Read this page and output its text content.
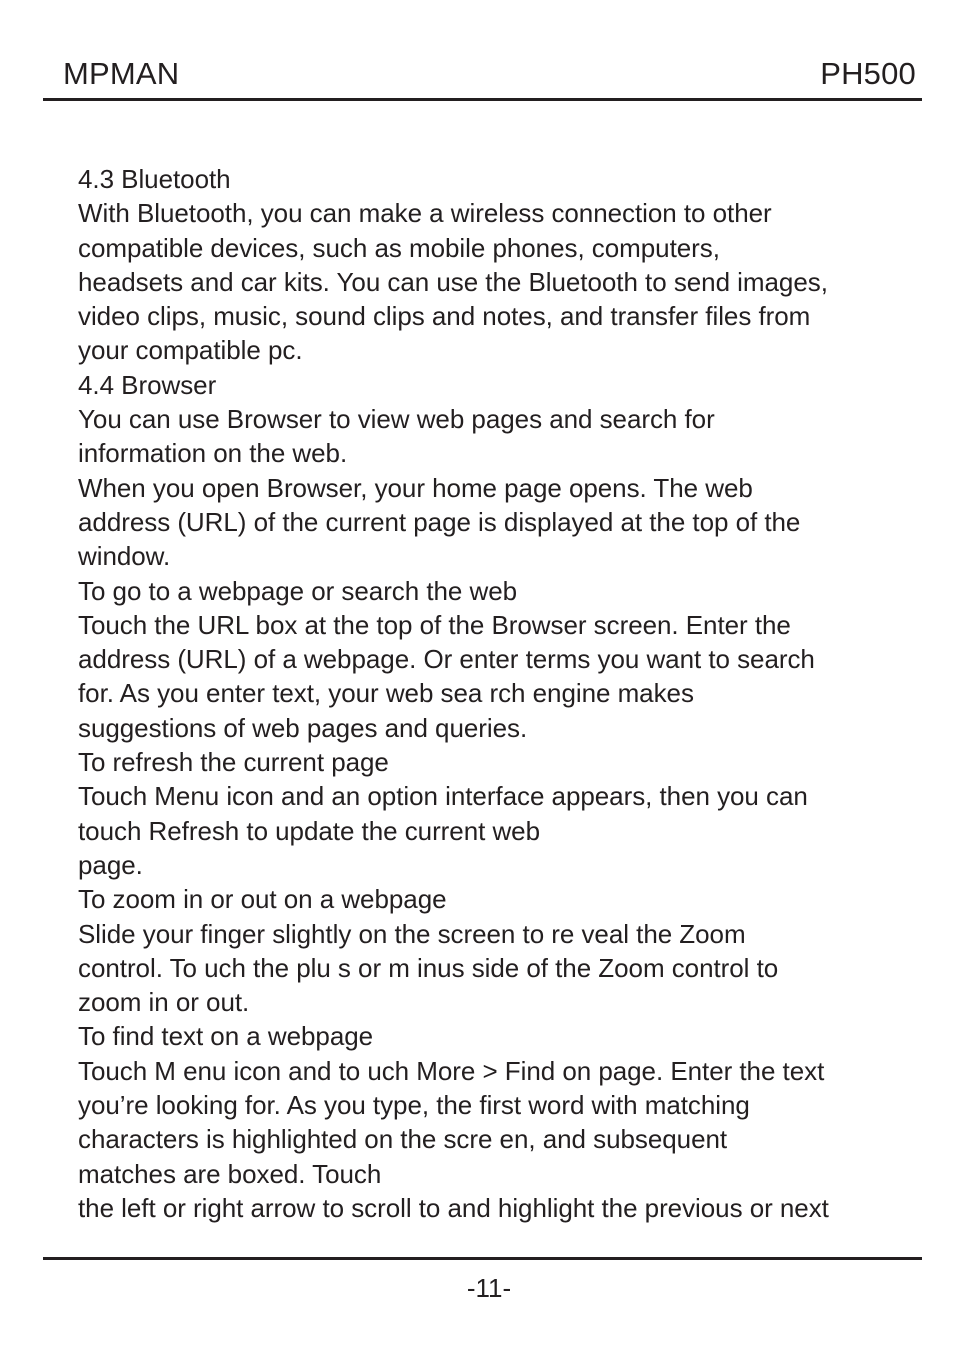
MPMAN	PH500
4.3 Bluetooth
With Bluetooth, you can make a wireless connection to other
compatible devices, such as mobile phones, computers,
headsets and car kits. You can use the Bluetooth to send images,
video clips, music, sound clips and notes, and transfer files from
your compatible pc.
4.4 Browser
You can use Browser to view web pages and search for
information on the web.
When you open Browser, your home page opens. The web
address (URL) of the current page is displayed at the top of the
window.
To go to a webpage or search the web
Touch the URL box at the top of the Browser screen. Enter the
address (URL) of a webpage. Or enter terms you want to search
for. As you enter text, your web sea rch engine makes
suggestions of web pages and queries.
To refresh the current page
Touch Menu icon and an option interface appears, then you can
touch Refresh to update the current web
page.
To zoom in or out on a webpage
Slide your finger slightly on the screen to re veal the Zoom
control. To uch the plu s or m inus side of the Zoom control to
zoom in or out.
To find text on a webpage
Touch M enu icon and to uch More > Find on page. Enter the text
you’re looking for. As you type, the first word with matching
characters is highlighted on the scre en, and subsequent
matches are boxed. Touch
the left or right arrow to scroll to and highlight the previous or next
-11-
